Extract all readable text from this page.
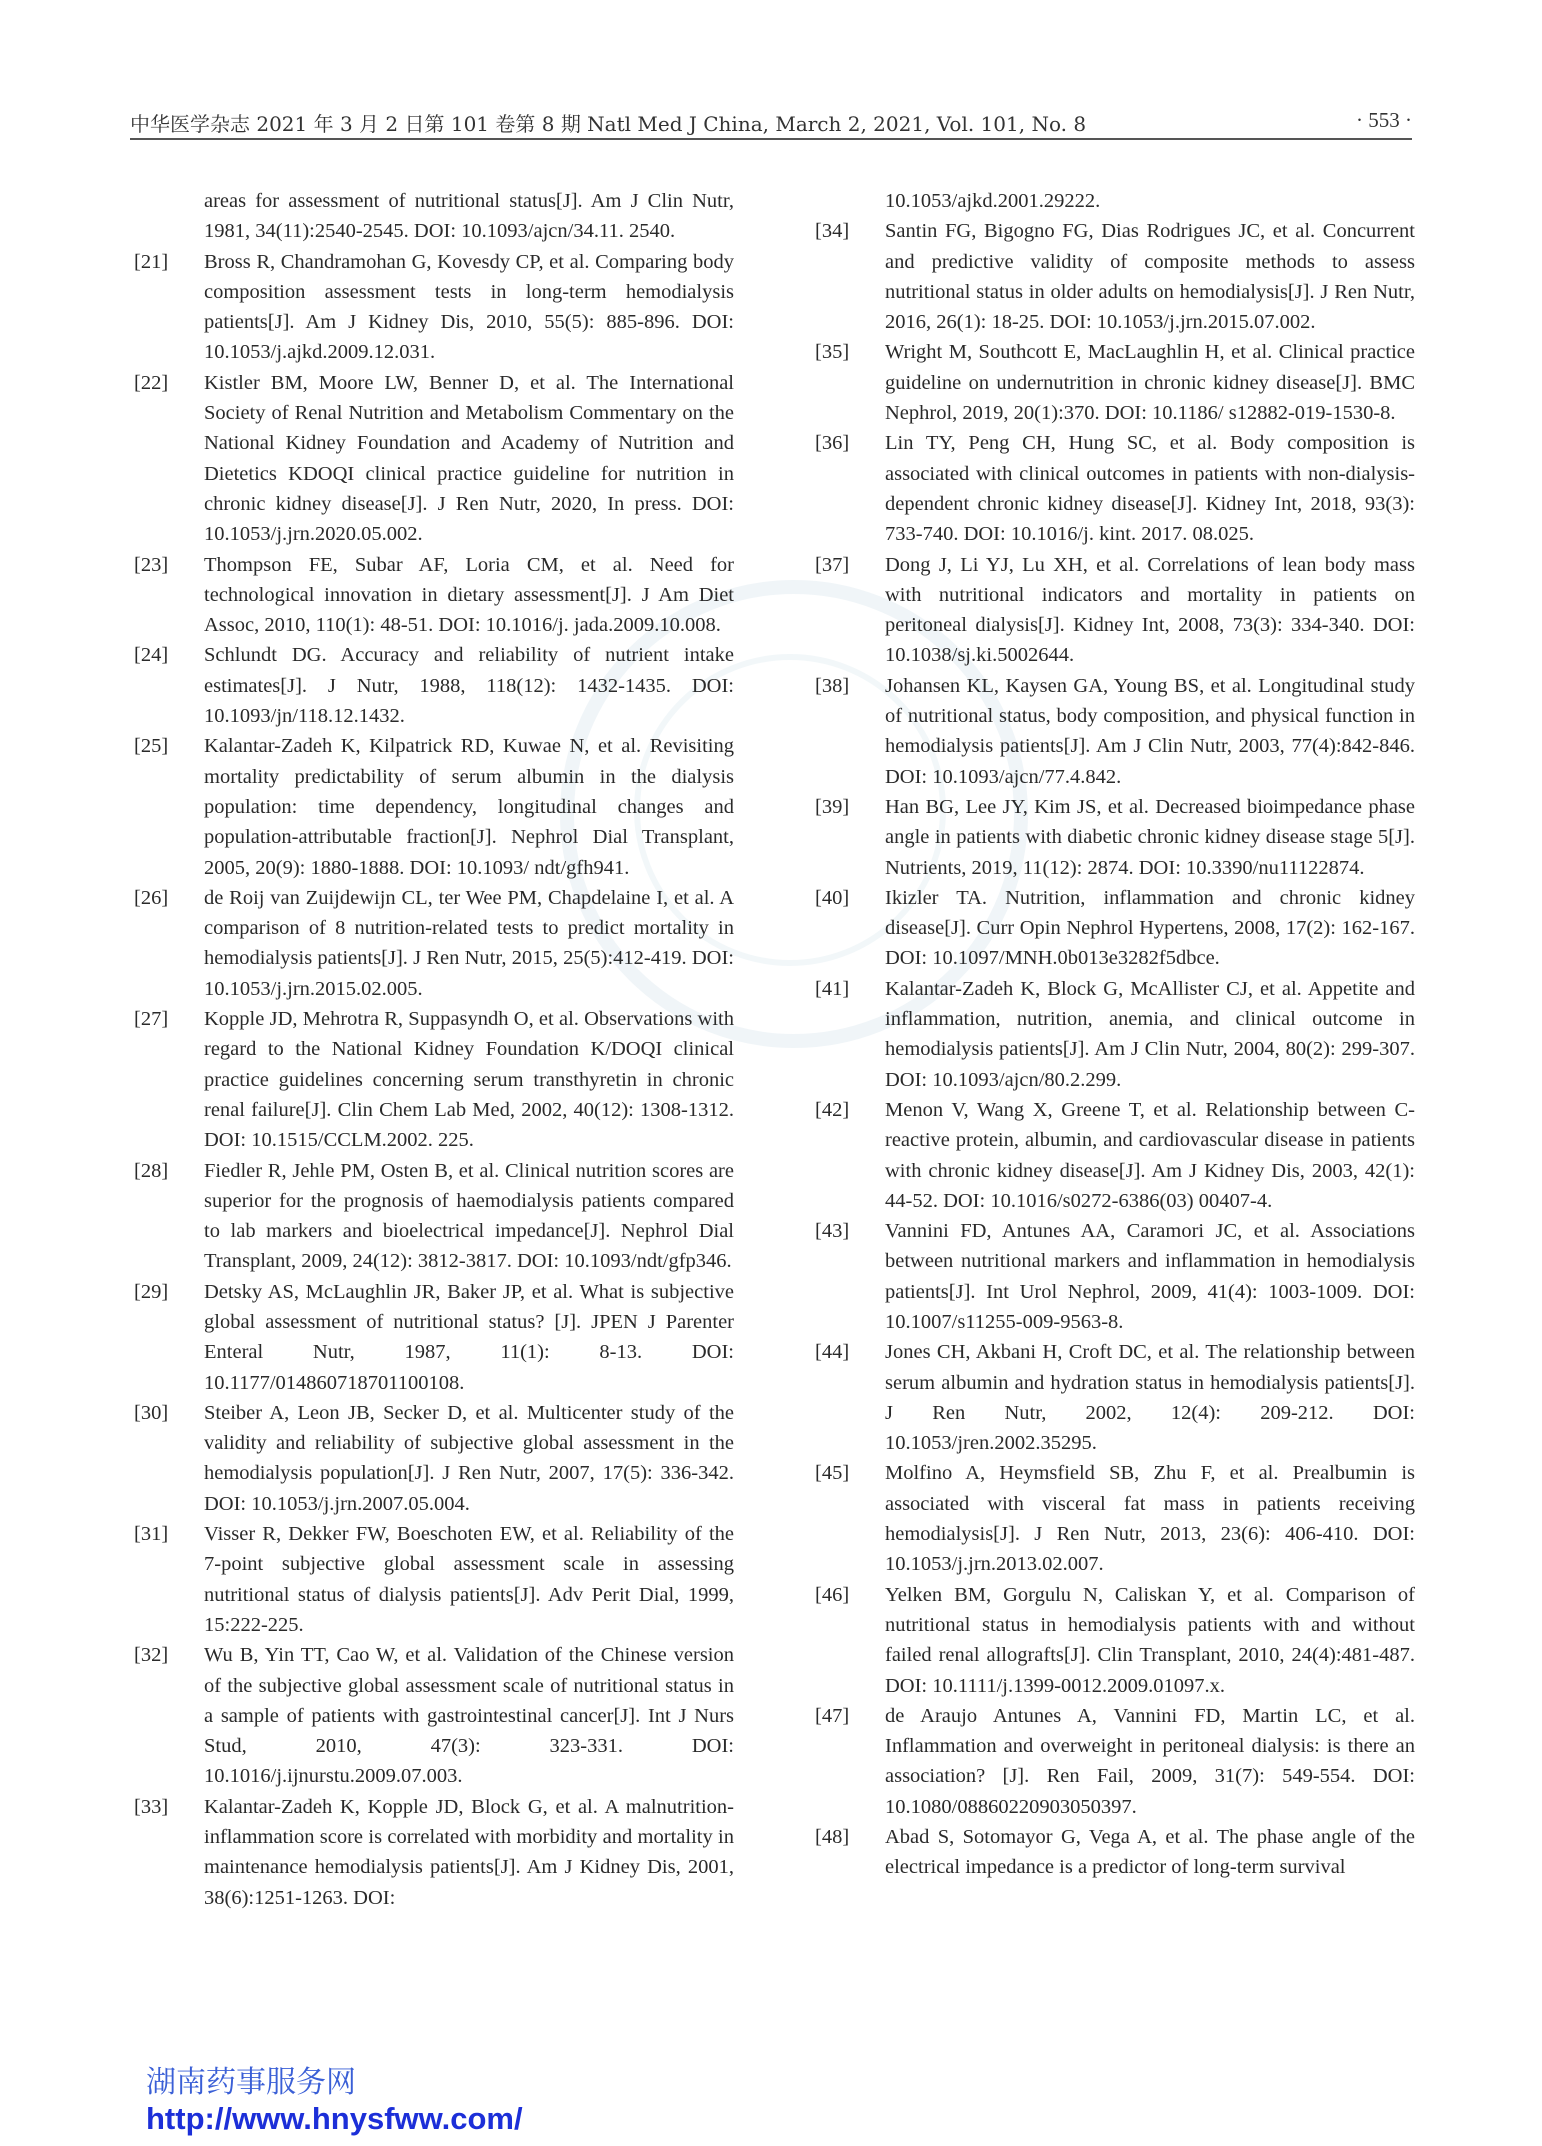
中华医学杂志 2021 年 3 月 2 日第 101 卷第 8 期 Natl Med J China, March 2, 2021, Vol. 101, No. 8	· 553 ·
areas for assessment of nutritional status[J]. Am J Clin Nutr, 1981, 34(11):2540-2545. DOI: 10.1093/ajcn/34.11. 2540.
[21] Bross R, Chandramohan G, Kovesdy CP, et al. Comparing body composition assessment tests in long-term hemodialysis patients[J]. Am J Kidney Dis, 2010, 55(5): 885-896. DOI: 10.1053/j.ajkd.2009.12.031.
[22] Kistler BM, Moore LW, Benner D, et al. The International Society of Renal Nutrition and Metabolism Commentary on the National Kidney Foundation and Academy of Nutrition and Dietetics KDOQI clinical practice guideline for nutrition in chronic kidney disease[J]. J Ren Nutr, 2020, In press. DOI: 10.1053/j.jrn.2020.05.002.
[23] Thompson FE, Subar AF, Loria CM, et al. Need for technological innovation in dietary assessment[J]. J Am Diet Assoc, 2010, 110(1): 48-51. DOI: 10.1016/j. jada.2009.10.008.
[24] Schlundt DG. Accuracy and reliability of nutrient intake estimates[J]. J Nutr, 1988, 118(12): 1432-1435. DOI: 10.1093/jn/118.12.1432.
[25] Kalantar-Zadeh K, Kilpatrick RD, Kuwae N, et al. Revisiting mortality predictability of serum albumin in the dialysis population: time dependency, longitudinal changes and population-attributable fraction[J]. Nephrol Dial Transplant, 2005, 20(9): 1880-1888. DOI: 10.1093/ ndt/gfh941.
[26] de Roij van Zuijdewijn CL, ter Wee PM, Chapdelaine I, et al. A comparison of 8 nutrition-related tests to predict mortality in hemodialysis patients[J]. J Ren Nutr, 2015, 25(5):412-419. DOI: 10.1053/j.jrn.2015.02.005.
[27] Kopple JD, Mehrotra R, Suppasyndh O, et al. Observations with regard to the National Kidney Foundation K/DOQI clinical practice guidelines concerning serum transthyretin in chronic renal failure[J]. Clin Chem Lab Med, 2002, 40(12): 1308-1312. DOI: 10.1515/CCLM.2002. 225.
[28] Fiedler R, Jehle PM, Osten B, et al. Clinical nutrition scores are superior for the prognosis of haemodialysis patients compared to lab markers and bioelectrical impedance[J]. Nephrol Dial Transplant, 2009, 24(12): 3812-3817. DOI: 10.1093/ndt/gfp346.
[29] Detsky AS, McLaughlin JR, Baker JP, et al. What is subjective global assessment of nutritional status? [J]. JPEN J Parenter Enteral Nutr, 1987, 11(1): 8-13. DOI: 10.1177/014860718701100108.
[30] Steiber A, Leon JB, Secker D, et al. Multicenter study of the validity and reliability of subjective global assessment in the hemodialysis population[J]. J Ren Nutr, 2007, 17(5): 336-342. DOI: 10.1053/j.jrn.2007.05.004.
[31] Visser R, Dekker FW, Boeschoten EW, et al. Reliability of the 7-point subjective global assessment scale in assessing nutritional status of dialysis patients[J]. Adv Perit Dial, 1999, 15:222-225.
[32] Wu B, Yin TT, Cao W, et al. Validation of the Chinese version of the subjective global assessment scale of nutritional status in a sample of patients with gastrointestinal cancer[J]. Int J Nurs Stud, 2010, 47(3): 323-331. DOI: 10.1016/j.ijnurstu.2009.07.003.
[33] Kalantar-Zadeh K, Kopple JD, Block G, et al. A malnutrition-inflammation score is correlated with morbidity and mortality in maintenance hemodialysis patients[J]. Am J Kidney Dis, 2001, 38(6):1251-1263. DOI:
10.1053/ajkd.2001.29222.
[34] Santin FG, Bigogno FG, Dias Rodrigues JC, et al. Concurrent and predictive validity of composite methods to assess nutritional status in older adults on hemodialysis[J]. J Ren Nutr, 2016, 26(1): 18-25. DOI: 10.1053/j.jrn.2015.07.002.
[35] Wright M, Southcott E, MacLaughlin H, et al. Clinical practice guideline on undernutrition in chronic kidney disease[J]. BMC Nephrol, 2019, 20(1):370. DOI: 10.1186/ s12882-019-1530-8.
[36] Lin TY, Peng CH, Hung SC, et al. Body composition is associated with clinical outcomes in patients with non-dialysis-dependent chronic kidney disease[J]. Kidney Int, 2018, 93(3): 733-740. DOI: 10.1016/j. kint. 2017. 08.025.
[37] Dong J, Li YJ, Lu XH, et al. Correlations of lean body mass with nutritional indicators and mortality in patients on peritoneal dialysis[J]. Kidney Int, 2008, 73(3): 334-340. DOI: 10.1038/sj.ki.5002644.
[38] Johansen KL, Kaysen GA, Young BS, et al. Longitudinal study of nutritional status, body composition, and physical function in hemodialysis patients[J]. Am J Clin Nutr, 2003, 77(4):842-846. DOI: 10.1093/ajcn/77.4.842.
[39] Han BG, Lee JY, Kim JS, et al. Decreased bioimpedance phase angle in patients with diabetic chronic kidney disease stage 5[J]. Nutrients, 2019, 11(12): 2874. DOI: 10.3390/nu11122874.
[40] Ikizler TA. Nutrition, inflammation and chronic kidney disease[J]. Curr Opin Nephrol Hypertens, 2008, 17(2): 162-167. DOI: 10.1097/MNH.0b013e3282f5dbce.
[41] Kalantar-Zadeh K, Block G, McAllister CJ, et al. Appetite and inflammation, nutrition, anemia, and clinical outcome in hemodialysis patients[J]. Am J Clin Nutr, 2004, 80(2): 299-307. DOI: 10.1093/ajcn/80.2.299.
[42] Menon V, Wang X, Greene T, et al. Relationship between C-reactive protein, albumin, and cardiovascular disease in patients with chronic kidney disease[J]. Am J Kidney Dis, 2003, 42(1): 44-52. DOI: 10.1016/s0272-6386(03) 00407-4.
[43] Vannini FD, Antunes AA, Caramori JC, et al. Associations between nutritional markers and inflammation in hemodialysis patients[J]. Int Urol Nephrol, 2009, 41(4): 1003-1009. DOI: 10.1007/s11255-009-9563-8.
[44] Jones CH, Akbani H, Croft DC, et al. The relationship between serum albumin and hydration status in hemodialysis patients[J]. J Ren Nutr, 2002, 12(4): 209-212. DOI: 10.1053/jren.2002.35295.
[45] Molfino A, Heymsfield SB, Zhu F, et al. Prealbumin is associated with visceral fat mass in patients receiving hemodialysis[J]. J Ren Nutr, 2013, 23(6): 406-410. DOI: 10.1053/j.jrn.2013.02.007.
[46] Yelken BM, Gorgulu N, Caliskan Y, et al. Comparison of nutritional status in hemodialysis patients with and without failed renal allografts[J]. Clin Transplant, 2010, 24(4):481-487. DOI: 10.1111/j.1399-0012.2009.01097.x.
[47] de Araujo Antunes A, Vannini FD, Martin LC, et al. Inflammation and overweight in peritoneal dialysis: is there an association? [J]. Ren Fail, 2009, 31(7): 549-554. DOI: 10.1080/08860220903050397.
[48] Abad S, Sotomayor G, Vega A, et al. The phase angle of the electrical impedance is a predictor of long-term survival
湖南药事服务网
http://www.hnysfww.com/
